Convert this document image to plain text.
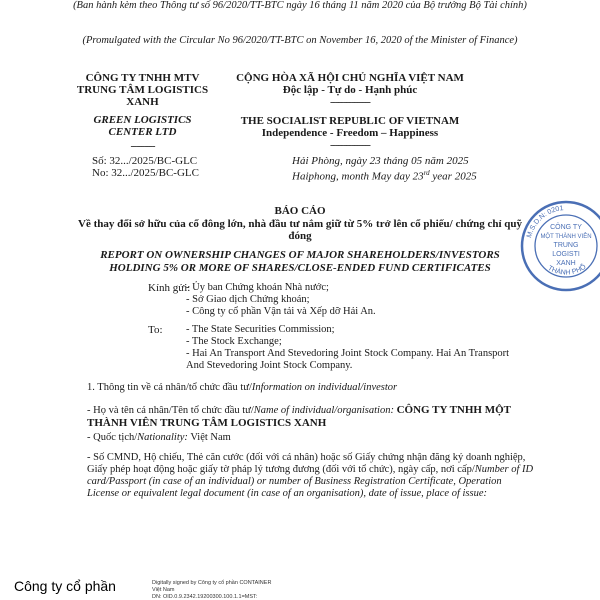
(Ban hành kèm theo Thông tư số 96/2020/TT-BTC ngày 16 tháng 11 năm 2020 của Bộ trưởng Bộ Tài chính)
(Promulgated with the Circular No 96/2020/TT-BTC on November 16, 2020 of the Minister of Finance)
CÔNG TY TNHH MTV
TRUNG TÂM LOGISTICS
XANH
GREEN LOGISTICS
CENTER LTD
---------
CỘNG HÒA XÃ HỘI CHỦ NGHĨA VIỆT NAM
Độc lập - Tự do - Hạnh phúc
---------------
THE SOCIALIST REPUBLIC OF VIETNAM
Independence - Freedom – Happiness
---------------
Số: 32.../2025/BC-GLC
No: 32.../2025/BC-GLC
Hải Phòng, ngày 23 tháng 05 năm 2025
Haiphong, month May day 23rd year 2025
BÁO CÁO
Về thay đổi sở hữu của cổ đông lớn, nhà đầu tư nắm giữ từ 5% trở lên cổ phiếu/ chứng chỉ quỹ đóng
REPORT ON OWNERSHIP CHANGES OF MAJOR SHAREHOLDERS/INVESTORS
HOLDING 5% OR MORE OF SHARES/CLOSE-ENDED FUND CERTIFICATES
Kính gửi:
- Ủy ban Chứng khoán Nhà nước;
- Sở Giao dịch Chứng khoán;
- Công ty cổ phần Vận tải và Xếp dỡ Hải An.
To: - The State Securities Commission;
- The Stock Exchange;
- Hai An Transport And Stevedoring Joint Stock Company. Hai An Transport And Stevedoring Joint Stock Company.
1. Thông tin về cá nhân/tổ chức đầu tư/Information on individual/investor
- Họ và tên cá nhân/Tên tổ chức đầu tư/Name of individual/organisation: CÔNG TY TNHH MỘT THÀNH VIÊN TRUNG TÂM LOGISTICS XANH
- Quốc tịch/Nationality: Việt Nam
- Số CMND, Hộ chiếu, Thẻ căn cước (đối với cá nhân) hoặc số Giấy chứng nhận đăng ký doanh nghiệp, Giấy phép hoạt động hoặc giấy tờ pháp lý tương đương (đối với tổ chức), ngày cấp, nơi cấp/Number of ID card/Passport (in case of an individual) or number of Business Registration Certificate, Operation License or equivalent legal document (in case of an organisation), date of issue, place of issue:
M.S.D.N: 0201
THÀNH PHỐ
CÔNG TY
MỘT THÀNH VIÊN
TRUNG
LOGISTI
XANH
Công ty cổ phần	Digitally signed by Công ty cổ phần CONTAINER
Việt Nam
DN: OID.0.9.2342.19200300.100.1.1=MST:
